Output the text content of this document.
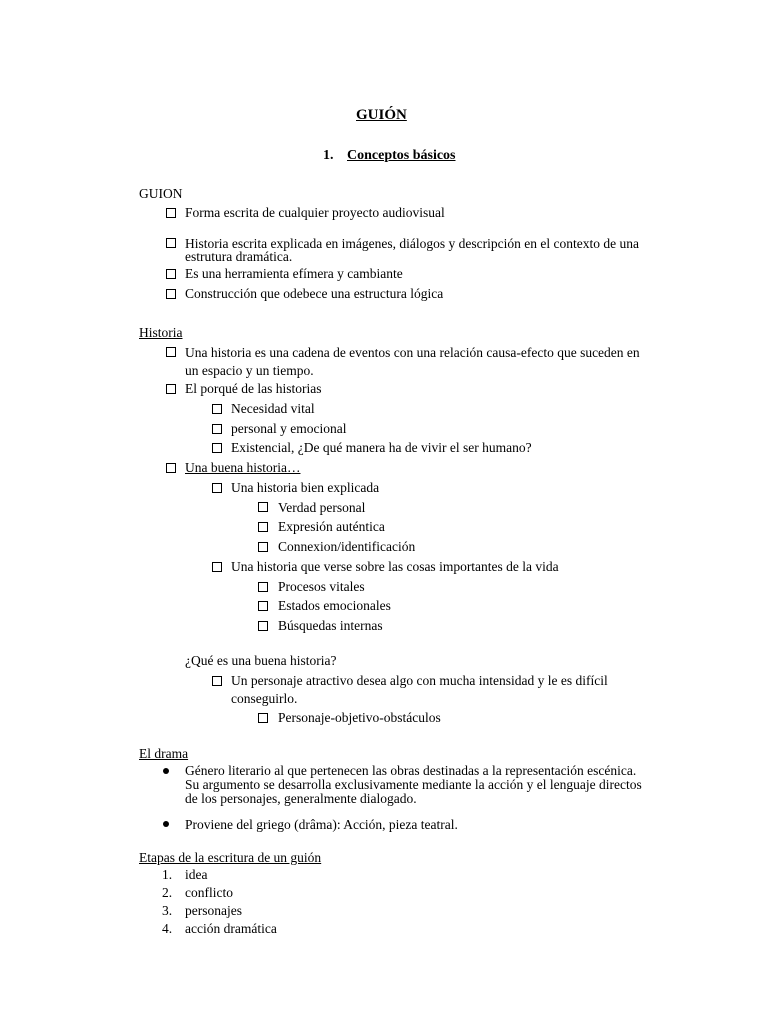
GUIÓN
1. Conceptos básicos
GUION
Forma escrita de cualquier proyecto audiovisual
Historia escrita explicada en imágenes, diálogos y descripción en el contexto de una
estrutura dramática.
Es una herramienta efímera y cambiante
Construcción que odebece una estructura lógica
Historia
Una historia es una cadena de eventos con una relación causa-efecto que suceden en
un espacio y un tiempo.
El porqué de las historias
Necesidad vital
personal y emocional
Existencial, ¿De qué manera ha de vivir el ser humano?
Una buena historia…
Una historia bien explicada
Verdad personal
Expresión auténtica
Connexion/identificación
Una historia que verse sobre las cosas importantes de la vida
Procesos vitales
Estados emocionales
Búsquedas internas
¿Qué es una buena historia?
Un personaje atractivo desea algo con mucha intensidad y le es difícil
conseguirlo.
Personaje-objetivo-obstáculos
El drama
Género literario al que pertenecen las obras destinadas a la representación escénica.
Su argumento se desarrolla exclusivamente mediante la acción y el lenguaje directos
de los personajes, generalmente dialogado.
Proviene del griego (drâma): Acción, pieza teatral.
Etapas de la escritura de un guión
1. idea
2. conflicto
3. personajes
4. acción dramática
